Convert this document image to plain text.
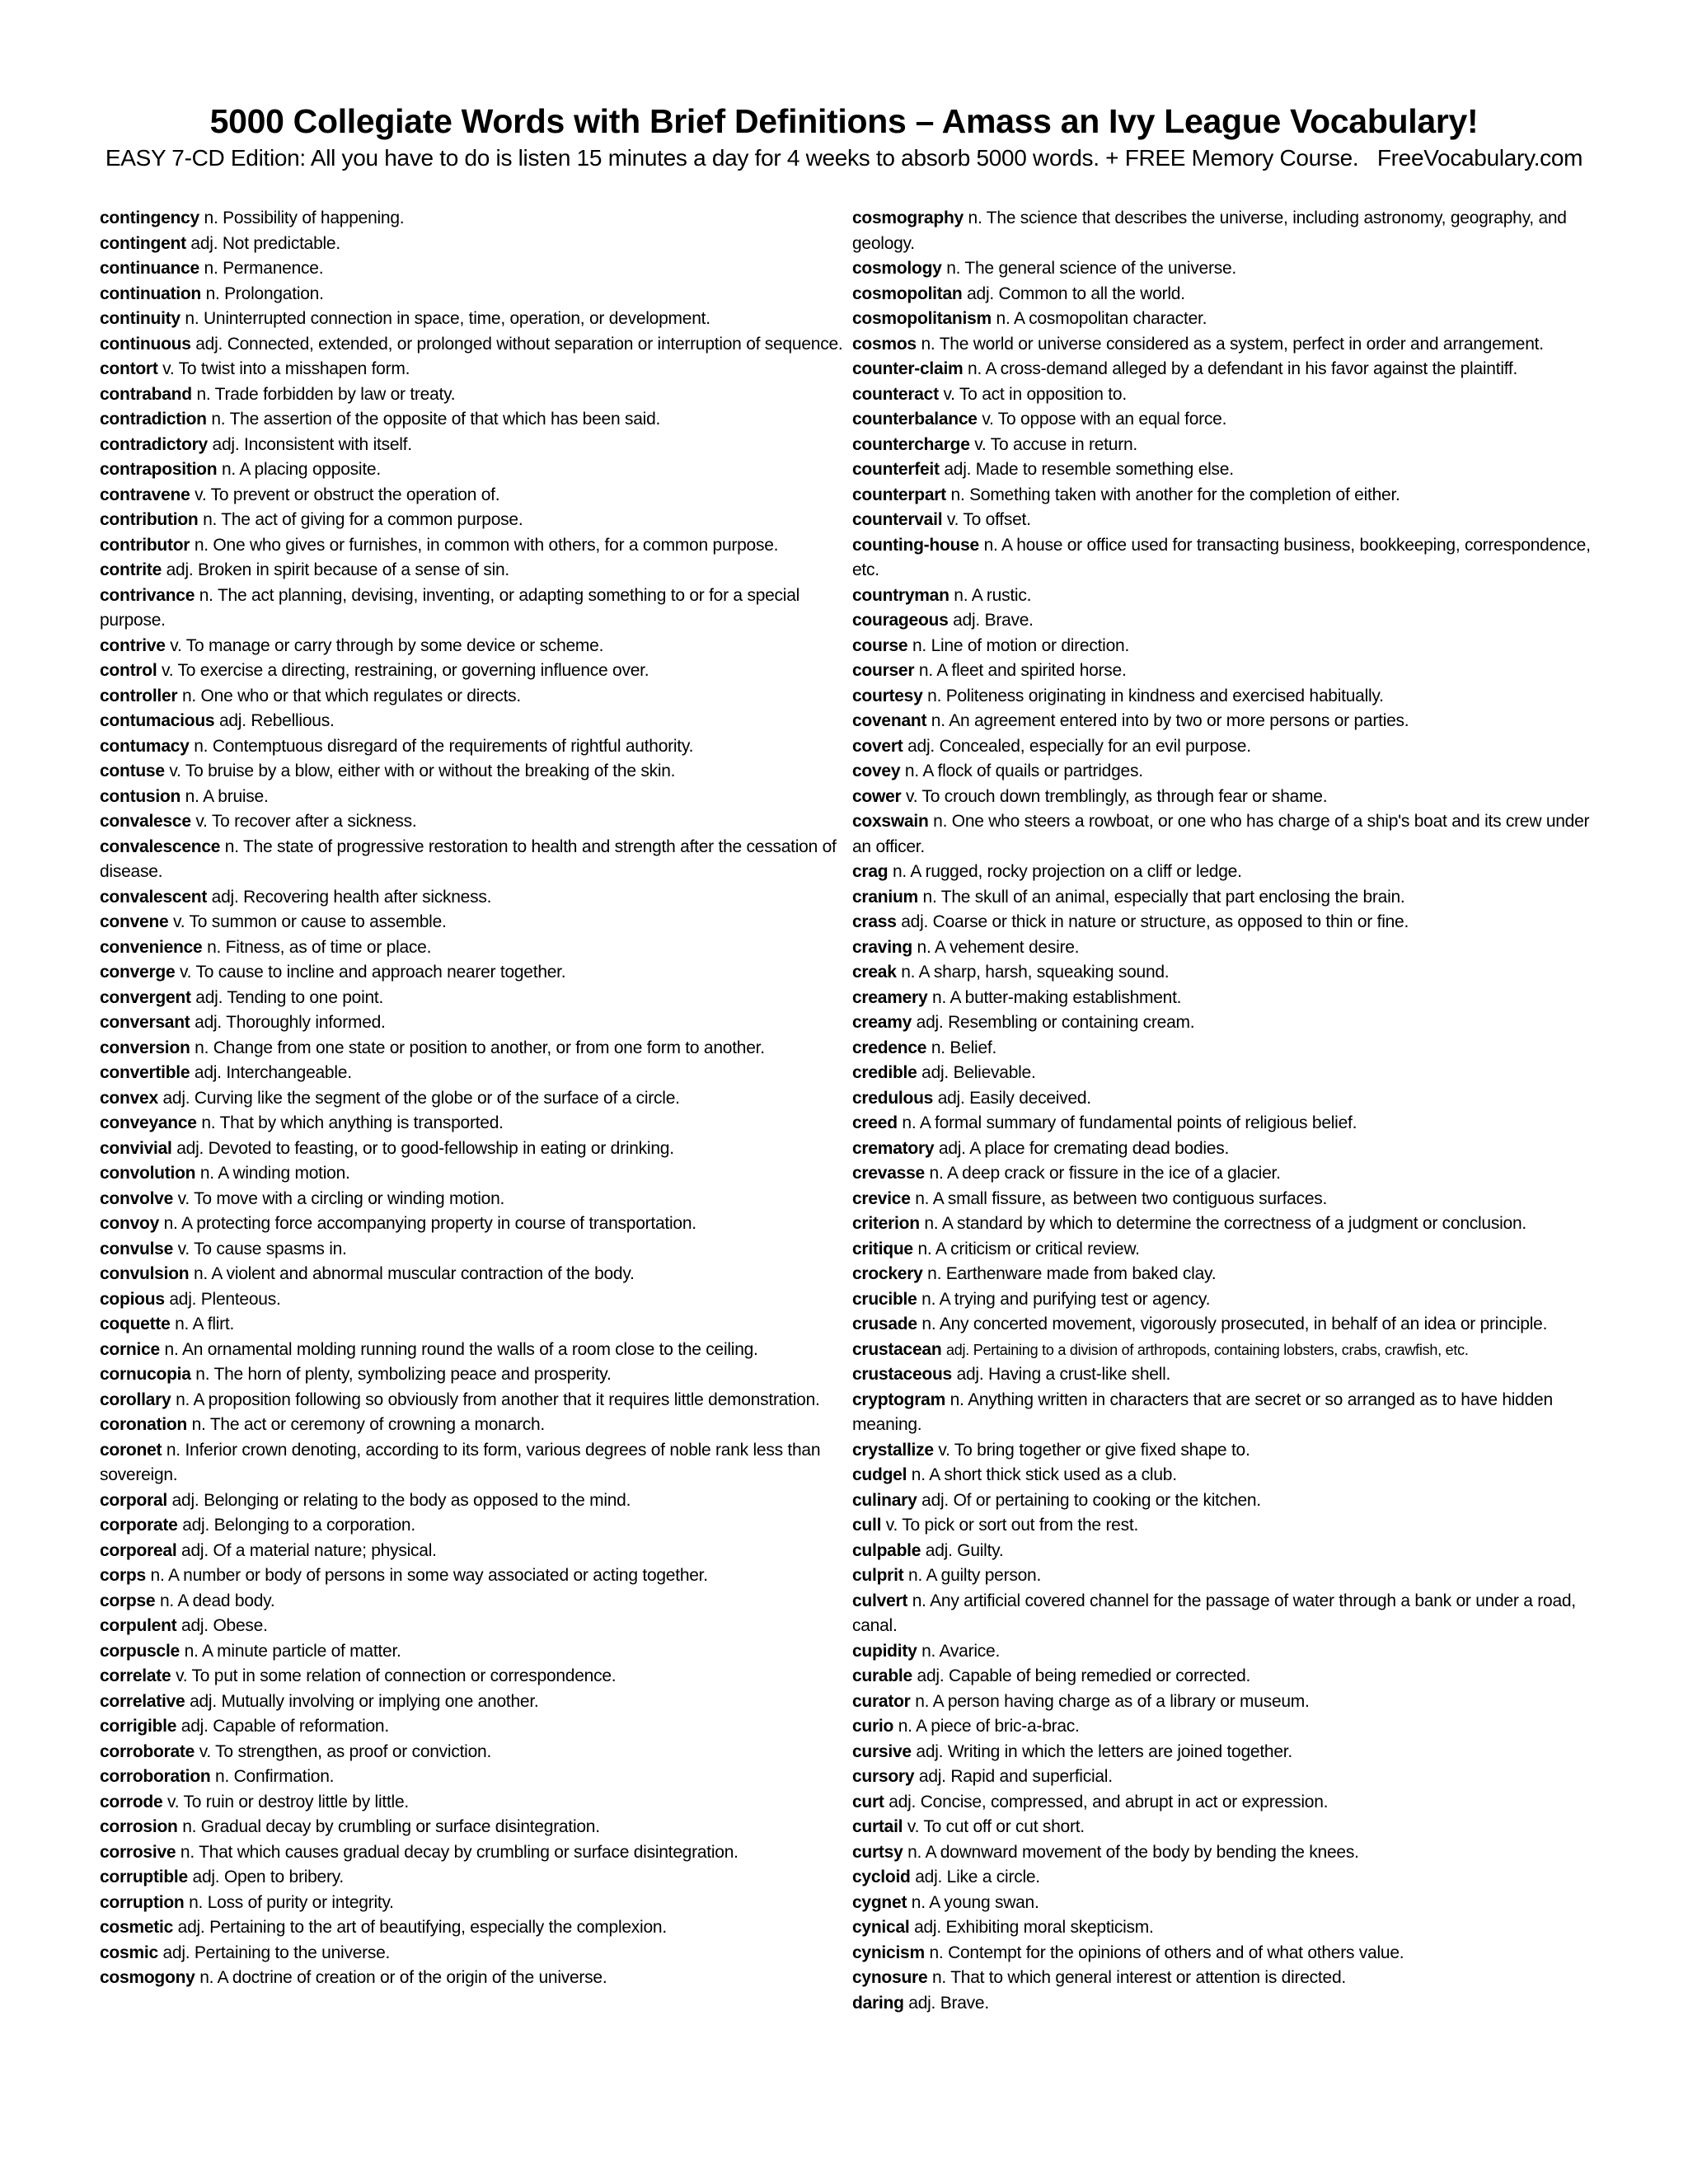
5000 Collegiate Words with Brief Definitions – Amass an Ivy League Vocabulary!
EASY 7-CD Edition: All you have to do is listen 15 minutes a day for 4 weeks to absorb 5000 words. + FREE Memory Course. FreeVocabulary.com
contingency n. Possibility of happening.
contingent adj. Not predictable.
continuance n. Permanence.
continuation n. Prolongation.
continuity n. Uninterrupted connection in space, time, operation, or development.
continuous adj. Connected, extended, or prolonged without separation or interruption of sequence.
contort v. To twist into a misshapen form.
contraband n. Trade forbidden by law or treaty.
contradiction n. The assertion of the opposite of that which has been said.
contradictory adj. Inconsistent with itself.
contraposition n. A placing opposite.
contravene v. To prevent or obstruct the operation of.
contribution n. The act of giving for a common purpose.
contributor n. One who gives or furnishes, in common with others, for a common purpose.
contrite adj. Broken in spirit because of a sense of sin.
contrivance n. The act planning, devising, inventing, or adapting something to or for a special purpose.
contrive v. To manage or carry through by some device or scheme.
control v. To exercise a directing, restraining, or governing influence over.
controller n. One who or that which regulates or directs.
contumacious adj. Rebellious.
contumacy n. Contemptuous disregard of the requirements of rightful authority.
contuse v. To bruise by a blow, either with or without the breaking of the skin.
contusion n. A bruise.
convalesce v. To recover after a sickness.
convalescence n. The state of progressive restoration to health and strength after the cessation of disease.
convalescent adj. Recovering health after sickness.
convene v. To summon or cause to assemble.
convenience n. Fitness, as of time or place.
converge v. To cause to incline and approach nearer together.
convergent adj. Tending to one point.
conversant adj. Thoroughly informed.
conversion n. Change from one state or position to another, or from one form to another.
convertible adj. Interchangeable.
convex adj. Curving like the segment of the globe or of the surface of a circle.
conveyance n. That by which anything is transported.
convivial adj. Devoted to feasting, or to good-fellowship in eating or drinking.
convolution n. A winding motion.
convolve v. To move with a circling or winding motion.
convoy n. A protecting force accompanying property in course of transportation.
convulse v. To cause spasms in.
convulsion n. A violent and abnormal muscular contraction of the body.
copious adj. Plenteous.
coquette n. A flirt.
cornice n. An ornamental molding running round the walls of a room close to the ceiling.
cornucopia n. The horn of plenty, symbolizing peace and prosperity.
corollary n. A proposition following so obviously from another that it requires little demonstration.
coronation n. The act or ceremony of crowning a monarch.
coronet n. Inferior crown denoting, according to its form, various degrees of noble rank less than sovereign.
corporal adj. Belonging or relating to the body as opposed to the mind.
corporate adj. Belonging to a corporation.
corporeal adj. Of a material nature; physical.
corps n. A number or body of persons in some way associated or acting together.
corpse n. A dead body.
corpulent adj. Obese.
corpuscle n. A minute particle of matter.
correlate v. To put in some relation of connection or correspondence.
correlative adj. Mutually involving or implying one another.
corrigible adj. Capable of reformation.
corroborate v. To strengthen, as proof or conviction.
corroboration n. Confirmation.
corrode v. To ruin or destroy little by little.
corrosion n. Gradual decay by crumbling or surface disintegration.
corrosive n. That which causes gradual decay by crumbling or surface disintegration.
corruptible adj. Open to bribery.
corruption n. Loss of purity or integrity.
cosmetic adj. Pertaining to the art of beautifying, especially the complexion.
cosmic adj. Pertaining to the universe.
cosmogony n. A doctrine of creation or of the origin of the universe.
cosmography n. The science that describes the universe, including astronomy, geography, and geology.
cosmology n. The general science of the universe.
cosmopolitan adj. Common to all the world.
cosmopolitanism n. A cosmopolitan character.
cosmos n. The world or universe considered as a system, perfect in order and arrangement.
counter-claim n. A cross-demand alleged by a defendant in his favor against the plaintiff.
counteract v. To act in opposition to.
counterbalance v. To oppose with an equal force.
countercharge v. To accuse in return.
counterfeit adj. Made to resemble something else.
counterpart n. Something taken with another for the completion of either.
countervail v. To offset.
counting-house n. A house or office used for transacting business, bookkeeping, correspondence, etc.
countryman n. A rustic.
courageous adj. Brave.
course n. Line of motion or direction.
courser n. A fleet and spirited horse.
courtesy n. Politeness originating in kindness and exercised habitually.
covenant n. An agreement entered into by two or more persons or parties.
covert adj. Concealed, especially for an evil purpose.
covey n. A flock of quails or partridges.
cower v. To crouch down tremblingly, as through fear or shame.
coxswain n. One who steers a rowboat, or one who has charge of a ship's boat and its crew under an officer.
crag n. A rugged, rocky projection on a cliff or ledge.
cranium n. The skull of an animal, especially that part enclosing the brain.
crass adj. Coarse or thick in nature or structure, as opposed to thin or fine.
craving n. A vehement desire.
creak n. A sharp, harsh, squeaking sound.
creamery n. A butter-making establishment.
creamy adj. Resembling or containing cream.
credence n. Belief.
credible adj. Believable.
credulous adj. Easily deceived.
creed n. A formal summary of fundamental points of religious belief.
crematory adj. A place for cremating dead bodies.
crevasse n. A deep crack or fissure in the ice of a glacier.
crevice n. A small fissure, as between two contiguous surfaces.
criterion n. A standard by which to determine the correctness of a judgment or conclusion.
critique n. A criticism or critical review.
crockery n. Earthenware made from baked clay.
crucible n. A trying and purifying test or agency.
crusade n. Any concerted movement, vigorously prosecuted, in behalf of an idea or principle.
crustacean adj. Pertaining to a division of arthropods, containing lobsters, crabs, crawfish, etc.
crustaceous adj. Having a crust-like shell.
cryptogram n. Anything written in characters that are secret or so arranged as to have hidden meaning.
crystallize v. To bring together or give fixed shape to.
cudgel n. A short thick stick used as a club.
culinary adj. Of or pertaining to cooking or the kitchen.
cull v. To pick or sort out from the rest.
culpable adj. Guilty.
culprit n. A guilty person.
culvert n. Any artificial covered channel for the passage of water through a bank or under a road, canal.
cupidity n. Avarice.
curable adj. Capable of being remedied or corrected.
curator n. A person having charge as of a library or museum.
curio n. A piece of bric-a-brac.
cursive adj. Writing in which the letters are joined together.
cursory adj. Rapid and superficial.
curt adj. Concise, compressed, and abrupt in act or expression.
curtail v. To cut off or cut short.
curtsy n. A downward movement of the body by bending the knees.
cycloid adj. Like a circle.
cygnet n. A young swan.
cynical adj. Exhibiting moral skepticism.
cynicism n. Contempt for the opinions of others and of what others value.
cynosure n. That to which general interest or attention is directed.
daring adj. Brave.
